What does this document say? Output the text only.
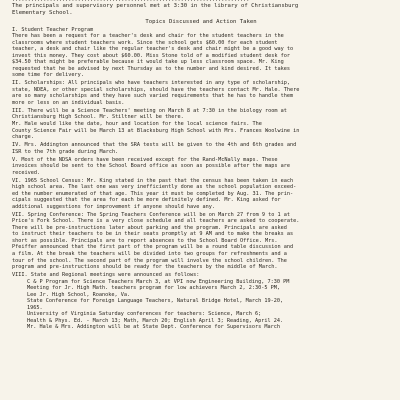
............................................................................
The principals and supervisory personnel met at 3:30 in the library of Christiansburg
Elementary School.
Topics Discussed and Action Taken
I. Student Teacher Program
There has been a request for a teacher's desk and chair for the student teachers in the
classrooms where student teachers work. Since the school gets $60.00 for each student
teacher, a desk and chair like the regular teacher's desk and chair might be a good way to
invest this money. They cost about $60.00. Miss Stone told of a modified student desk for
$34.50 that might be preferable because it would take up less classroom space. Mr. King
requested that he be advised by next Thursday as to the number and kind desired. It takes
some time for delivery.
II. Scholarships: All principals who have teachers interested in any type of scholarship,
state, NDEA, or other special scholarships, should have the teachers contact Mr. Hale. There
are so many scholarships and they have such varied requirements that he has to handle them
more or less on an individual basis.
III. There will be a Science Teachers' meeting on March 8 at 7:30 in the biology room at
Christiansburg High School. Mr. Stiltner will be there.
Mr. Hale would like the date, hour and location for the local science fairs. The
County Science Fair will be March 13 at Blacksburg High School with Mrs. Frances Woolwine in
charge.
IV. Mrs. Addington announced that the SRA tests will be given to the 4th and 6th grades and
ISR to the 7th grade during March.
V. Most of the NDSA orders have been received except for the Rand-McNally maps. These
invoices should be sent to the School Board office as soon as possible after the maps are
received.
VI. 1965 School Census: Mr. King stated in the past that the census has been taken in each
high school area. The last one was very inefficiently done as the school population exceed-
ed the number enumerated of that age. This year it must be completed by Aug. 31. The prin-
cipals suggested that the area for each be more definitely defined. Mr. King asked for
additional suggestions for improvement if anyone should have any.
VII. Spring Conference: The Spring Teachers Conference will be on March 27 from 9 to 1 at
Price's Fork School. There is a very close schedule and all teachers are asked to cooperate.
There will be pre-instructions later about parking and the program. Principals are asked
to instruct their teachers to be in their seats promptly at 9 AM and to make the breaks as
short as possible. Principals are to report absences to the School Board Office. Mrs.
Pfeiffer announced that the first part of the program will be a round table discussion and
a film. At the break the teachers will be divided into two groups for refreshments and a
tour of the school. The second part of the program will involve the school children. The
program and pre-instructions should be ready for the teachers by the middle of March.
VIII. State and Regional meetings were announced as follows:
C & P Program for Science Teachers March 3, at VPI now Engineering Building, 7:30 PM
Meeting for Jr. High Math. teachers program for low achievers March 2, 2:30-5 PM,
Lee Jr. High School, Roanoke, Va.
State Conference for Foreign Language Teachers, Natural Bridge Hotel, March 19-20,
1965.
University of Virginia Saturday conferences for teachers: Science, March 6;
Health & Phys. Ed. - March 13; Math, March 20; English April 3; Reading, April 24.
Mr. Hale & Mrs. Addington will be at State Dept. Conference for Supervisors March
